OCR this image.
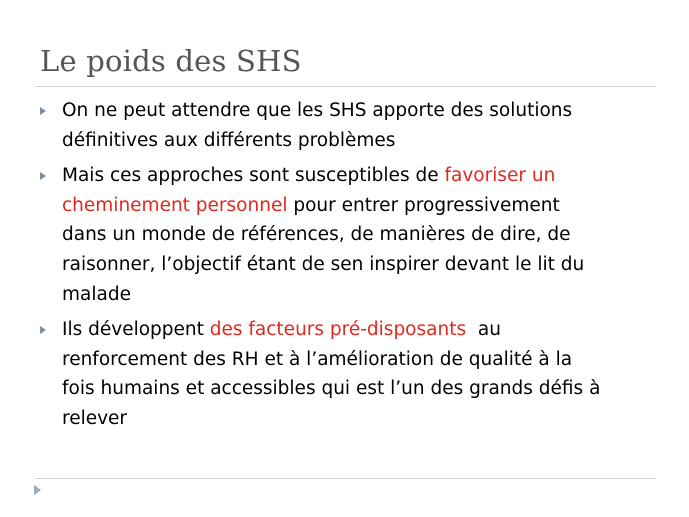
Le poids des SHS
On ne peut attendre que les SHS apporte des solutions
définitives aux différents problèmes
Mais ces approches sont susceptibles de favoriser un
cheminement personnel pour entrer progressivement
dans un monde de références, de manières de dire, de
raisonner, l’objectif étant de sen inspirer devant le lit du
malade
Ils développent des facteurs pré-disposants  au
renforcement des RH et à l’amélioration de qualité à la
fois humains et accessibles qui est l’un des grands défis à
relever
